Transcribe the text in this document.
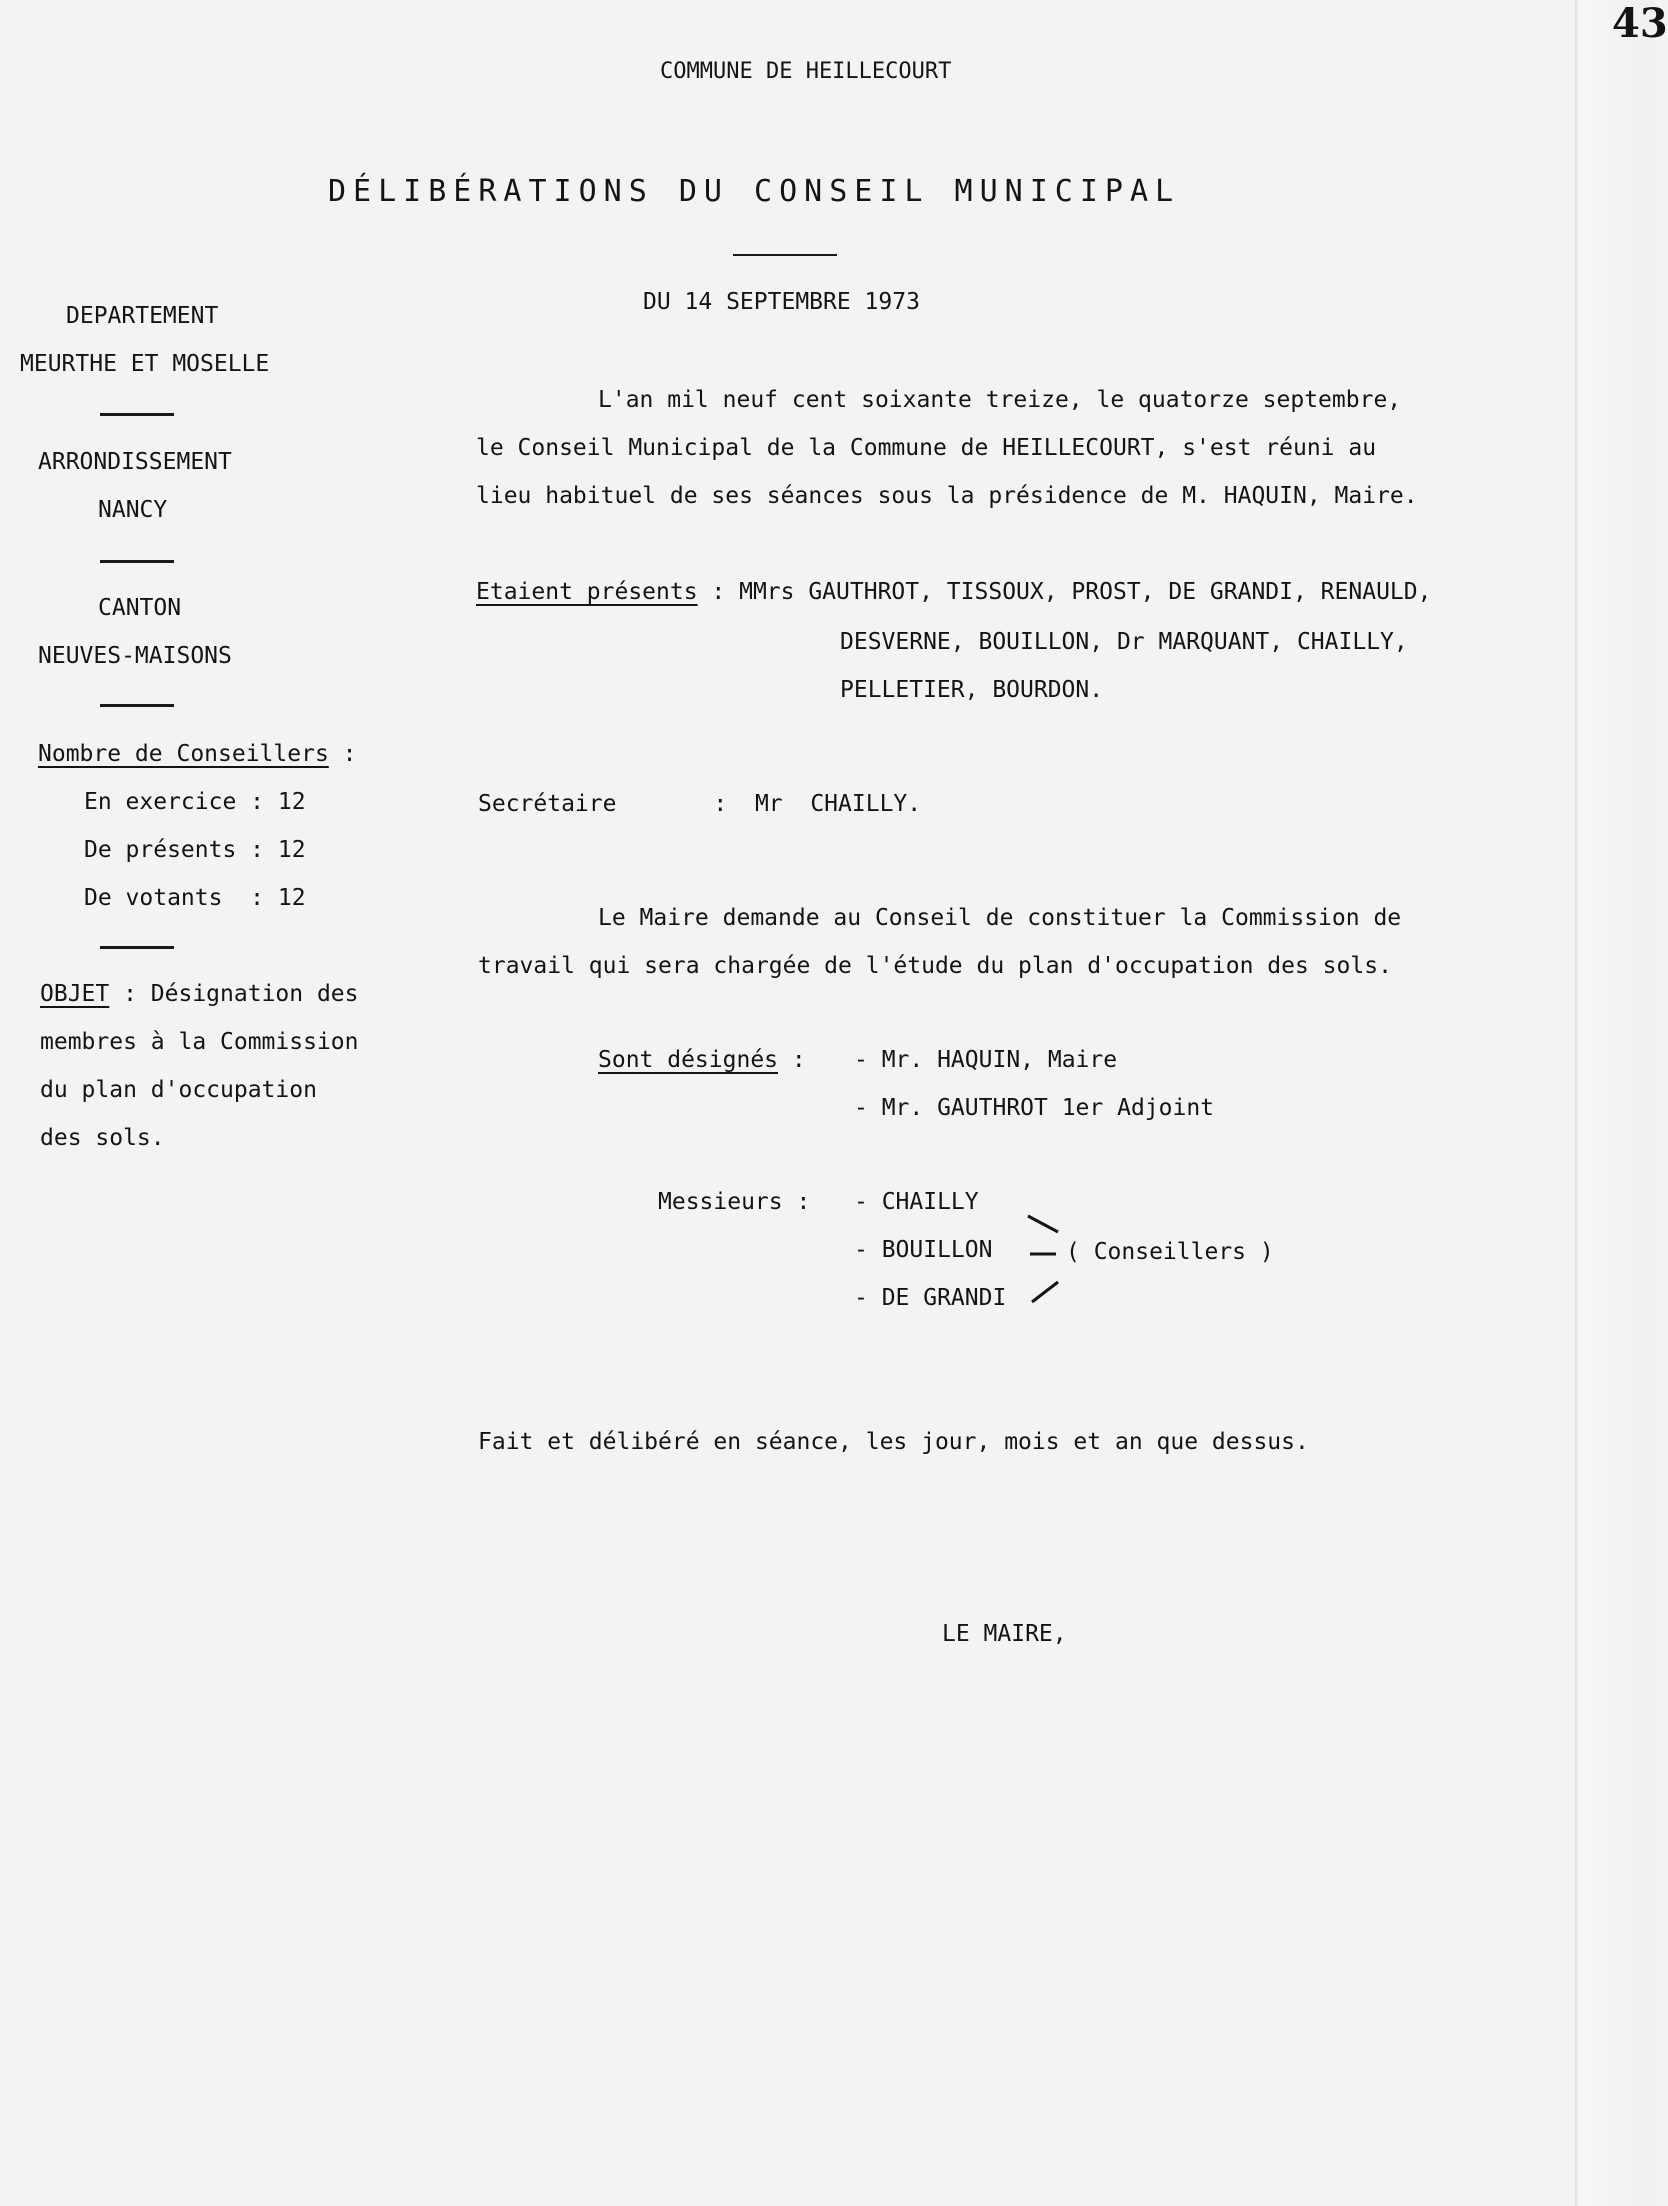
43
COMMUNE DE HEILLECOURT
DÉLIBÉRATIONS DU CONSEIL MUNICIPAL
DU 14 SEPTEMBRE 1973
DEPARTEMENT
MEURTHE ET MOSELLE
ARRONDISSEMENT
NANCY
CANTON
NEUVES-MAISONS
Nombre de Conseillers :
En exercice : 12
De présents : 12
De votants  : 12
OBJET : Désignation des
membres à la Commission
du plan d'occupation
des sols.
L'an mil neuf cent soixante treize, le quatorze septembre,
le Conseil Municipal de la Commune de HEILLECOURT, s'est réuni au
lieu habituel de ses séances sous la présidence de M. HAQUIN, Maire.
Etaient présents : MMrs GAUTHROT, TISSOUX, PROST, DE GRANDI, RENAULD,
DESVERNE, BOUILLON, Dr MARQUANT, CHAILLY,
PELLETIER, BOURDON.
Secrétaire       :  Mr  CHAILLY.
Le Maire demande au Conseil de constituer la Commission de
travail qui sera chargée de l'étude du plan d'occupation des sols.
Sont désignés : - Mr. HAQUIN, Maire
- Mr. GAUTHROT 1er Adjoint
Messieurs : - CHAILLY
- BOUILLON
- DE GRANDI
( Conseillers )
Fait et délibéré en séance, les jour, mois et an que dessus.
LE MAIRE,
